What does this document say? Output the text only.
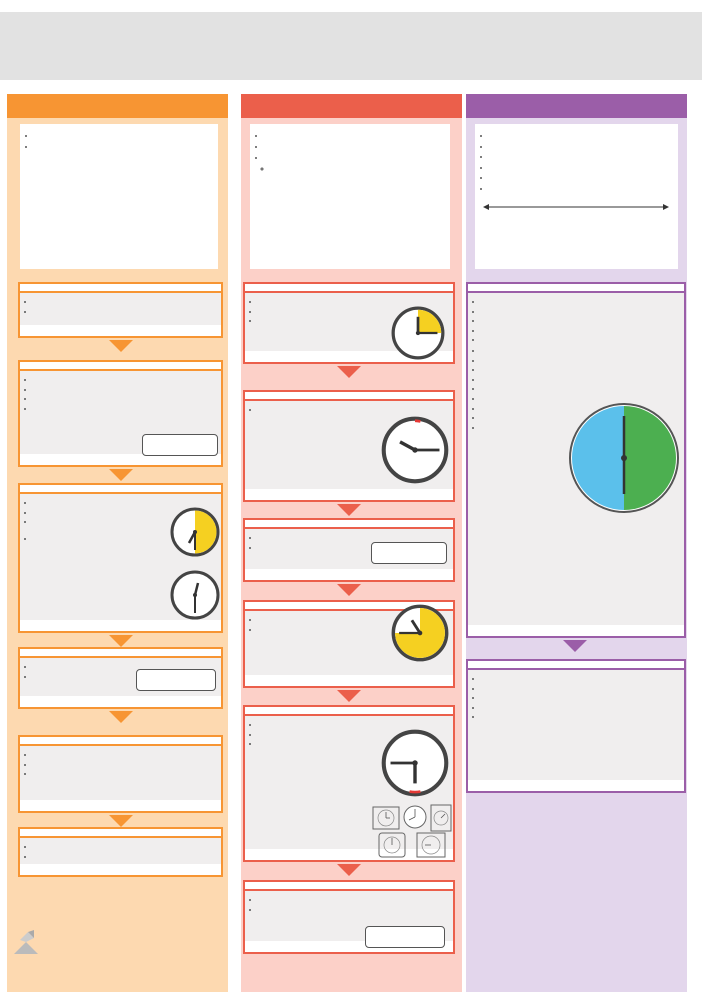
•
•
•
•
•
◦
•
•
•
•
•
•
•
•
•
•
•
•
•
•
•
•
•
•
•
•
•
•
•
•
•
•
•
•
•
•
•
•
•
•
•
•
•
•
•
•
•
•
•
•
•
•
•
•
•
•
•
•
•
•
•
